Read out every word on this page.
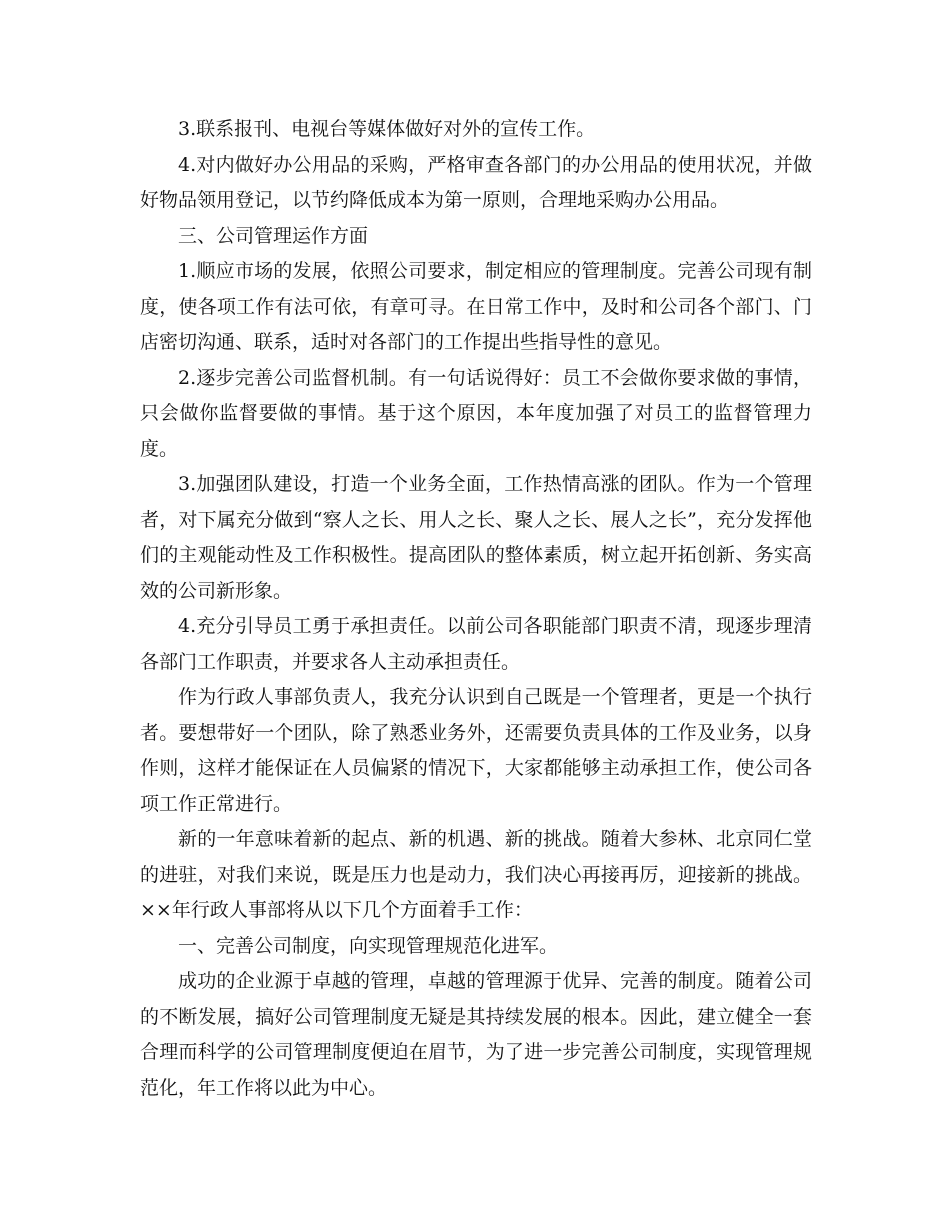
3.联系报刊、电视台等媒体做好对外的宣传工作。

4.对内做好办公用品的采购，严格审查各部门的办公用品的使用状况，并做好物品领用登记，以节约降低成本为第一原则，合理地采购办公用品。

三、公司管理运作方面

1.顺应市场的发展，依照公司要求，制定相应的管理制度。完善公司现有制度，使各项工作有法可依，有章可寻。在日常工作中，及时和公司各个部门、门店密切沟通、联系，适时对各部门的工作提出些指导性的意见。

2.逐步完善公司监督机制。有一句话说得好：员工不会做你要求做的事情，只会做你监督要做的事情。基于这个原因，本年度加强了对员工的监督管理力度。

3.加强团队建设，打造一个业务全面，工作热情高涨的团队。作为一个管理者，对下属充分做到“察人之长、用人之长、聚人之长、展人之长”，充分发挥他们的主观能动性及工作积极性。提高团队的整体素质，树立起开拓创新、务实高效的公司新形象。

4.充分引导员工勇于承担责任。以前公司各职能部门职责不清，现逐步理清各部门工作职责，并要求各人主动承担责任。

作为行政人事部负责人，我充分认识到自己既是一个管理者，更是一个执行者。要想带好一个团队，除了熟悉业务外，还需要负责具体的工作及业务，以身作则，这样才能保证在人员偏紧的情况下，大家都能够主动承担工作，使公司各项工作正常进行。

新的一年意味着新的起点、新的机遇、新的挑战。随着大参林、北京同仁堂的进驻，对我们来说，既是压力也是动力，我们决心再接再厉，迎接新的挑战。××年行政人事部将从以下几个方面着手工作：

一、完善公司制度，向实现管理规范化进军。

成功的企业源于卓越的管理，卓越的管理源于优异、完善的制度。随着公司的不断发展，搞好公司管理制度无疑是其持续发展的根本。因此，建立健全一套合理而科学的公司管理制度便迫在眉节，为了进一步完善公司制度，实现管理规范化，年工作将以此为中心。
